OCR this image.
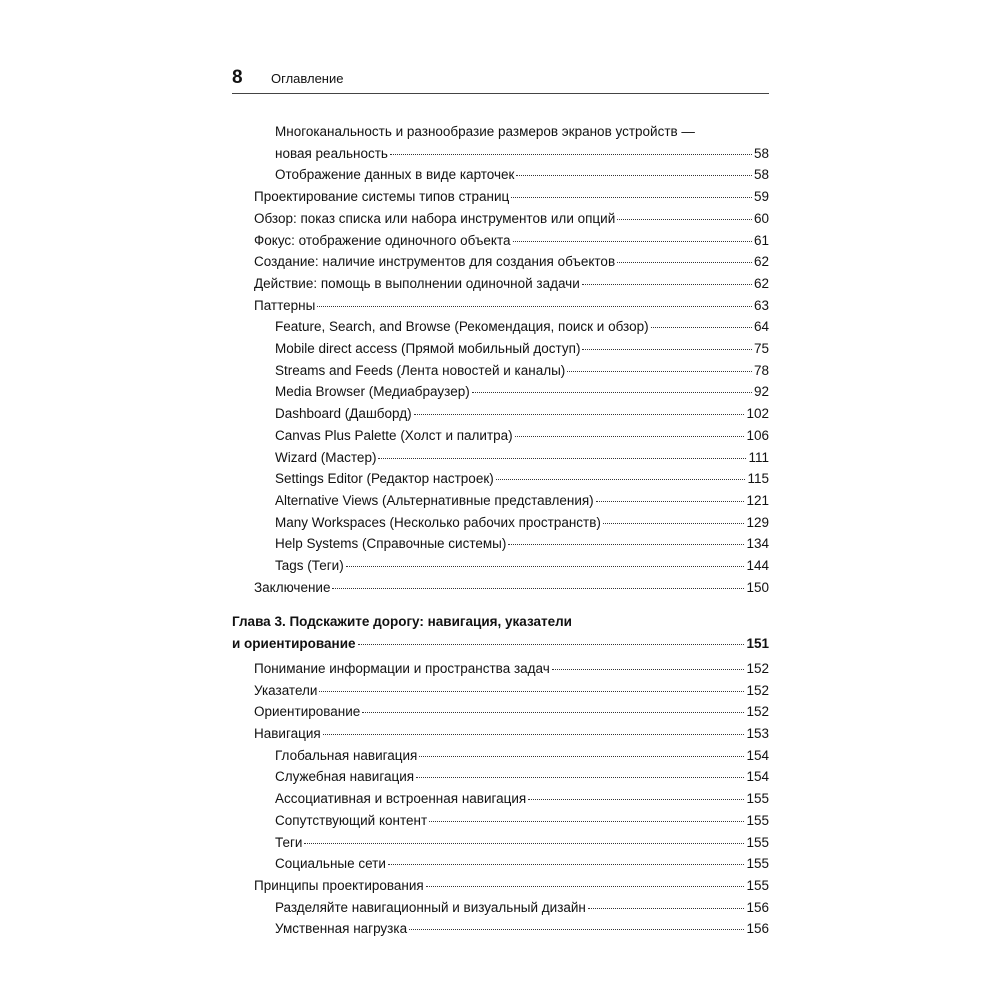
8 Оглавление
Многоканальность и разнообразие размеров экранов устройств —
новая реальность	58
Отображение данных в виде карточек	58
Проектирование системы типов страниц	59
Обзор: показ списка или набора инструментов или опций	60
Фокус: отображение одиночного объекта	61
Создание: наличие инструментов для создания объектов	62
Действие: помощь в выполнении одиночной задачи	62
Паттерны	63
Feature, Search, and Browse (Рекомендация, поиск и обзор)	64
Mobile direct access (Прямой мобильный доступ)	75
Streams and Feeds (Лента новостей и каналы)	78
Media Browser (Медиабраузер)	92
Dashboard (Дашборд)	102
Canvas Plus Palette (Холст и палитра)	106
Wizard (Мастер)	111
Settings Editor (Редактор настроек)	115
Alternative Views (Альтернативные представления)	121
Many Workspaces (Несколько рабочих пространств)	129
Help Systems (Справочные системы)	134
Tags (Теги)	144
Заключение	150
Глава 3. Подскажите дорогу: навигация, указатели
и ориентирование	151
Понимание информации и пространства задач	152
Указатели	152
Ориентирование	152
Навигация	153
Глобальная навигация	154
Служебная навигация	154
Ассоциативная и встроенная навигация	155
Сопутствующий контент	155
Теги	155
Социальные сети	155
Принципы проектирования	155
Разделяйте навигационный и визуальный дизайн	156
Умственная нагрузка	156
